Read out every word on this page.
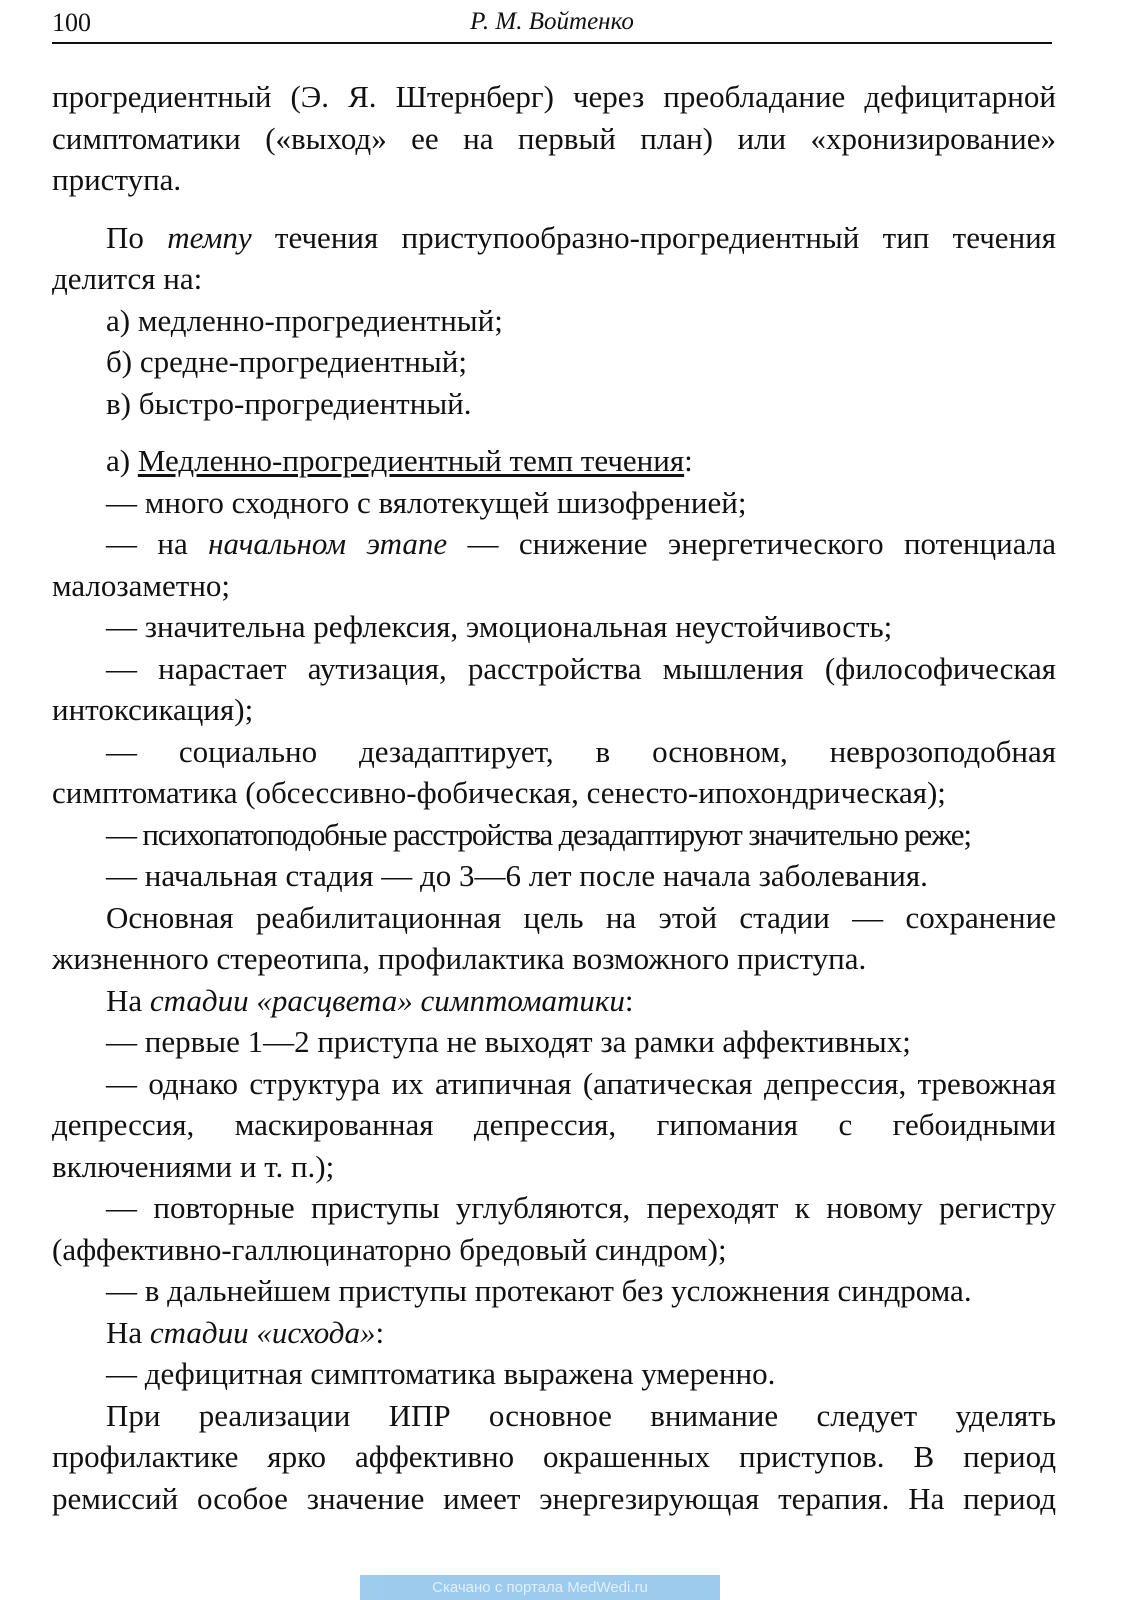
100	Р. М. Войтенко

прогредиентный (Э. Я. Штернберг) через преобладание дефицитарной симптоматики («выход» ее на первый план) или «хронизирование» приступа.

По темпу течения приступообразно-прогредиентный тип течения делится на:

а) медленно-прогредиентный;

б) средне-прогредиентный;

в) быстро-прогредиентный.

а) Медленно-прогредиентный темп течения:

— много сходного с вялотекущей шизофренией;

— на начальном этапе — снижение энергетического потенциала малозаметно;

— значительна рефлексия, эмоциональная неустойчивость;

— нарастает аутизация, расстройства мышления (философическая интоксикация);

— социально дезадаптирует, в основном, неврозоподобная симптоматика (обсессивно-фобическая, сенесто-ипохондрическая);

— психопатоподобные расстройства дезадаптируют значительно реже;

— начальная стадия — до 3—6 лет после начала заболевания.

Основная реабилитационная цель на этой стадии — сохранение жизненного стереотипа, профилактика возможного приступа.

На стадии «расцвета» симптоматики:

— первые 1—2 приступа не выходят за рамки аффективных;

— однако структура их атипичная (апатическая депрессия, тревожная депрессия, маскированная депрессия, гипомания с гебоидными включениями и т. п.);

— повторные приступы углубляются, переходят к новому регистру (аффективно-галлюцинаторно бредовый синдром);

— в дальнейшем приступы протекают без усложнения синдрома.

На стадии «исхода»:

— дефицитная симптоматика выражена умеренно.

При реализации ИПР основное внимание следует уделять профилактике ярко аффективно окрашенных приступов. В период ремиссий особое значение имеет энергезирующая терапия. На период

Скачано с портала MedWedi.ru
